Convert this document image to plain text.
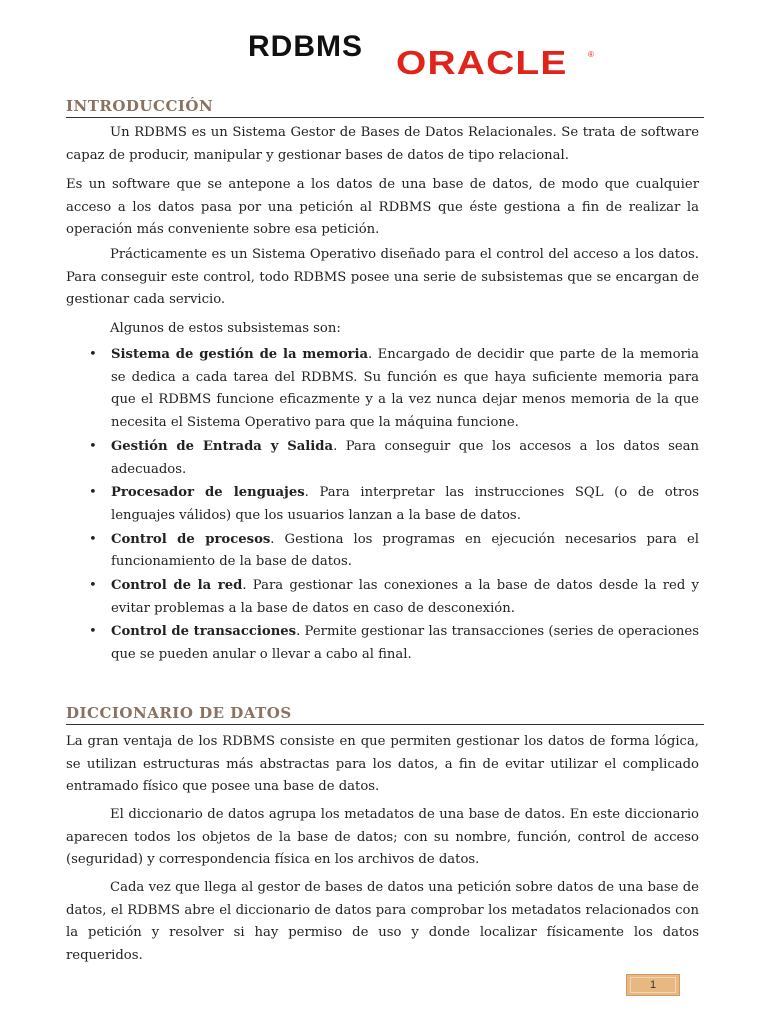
RDBMS ORACLE	®
INTRODUCCIÓN

Un RDBMS es un Sistema Gestor de Bases de Datos Relacionales. Se trata de software capaz de producir, manipular y gestionar bases de datos de tipo relacional.

Es un software que se antepone a los datos de una base de datos, de modo que cualquier acceso a los datos pasa por una petición al RDBMS que éste gestiona a fin de realizar la operación más conveniente sobre esa petición.

Prácticamente es un Sistema Operativo diseñado para el control del acceso a los datos. Para conseguir este control, todo RDBMS posee una serie de subsistemas que se encargan de gestionar cada servicio.

Algunos de estos subsistemas son:

• Sistema de gestión de la memoria. Encargado de decidir que parte de la memoria se dedica a cada tarea del RDBMS. Su función es que haya suficiente memoria para que el RDBMS funcione eficazmente y a la vez nunca dejar menos memoria de la que necesita el Sistema Operativo para que la máquina funcione.
• Gestión de Entrada y Salida. Para conseguir que los accesos a los datos sean adecuados.
• Procesador de lenguajes. Para interpretar las instrucciones SQL (o de otros lenguajes válidos) que los usuarios lanzan a la base de datos.
• Control de procesos. Gestiona los programas en ejecución necesarios para el funcionamiento de la base de datos.
• Control de la red. Para gestionar las conexiones a la base de datos desde la red y evitar problemas a la base de datos en caso de desconexión.
• Control de transacciones. Permite gestionar las transacciones (series de operaciones que se pueden anular o llevar a cabo al final.
DICCIONARIO DE DATOS

La gran ventaja de los RDBMS consiste en que permiten gestionar los datos de forma lógica, se utilizan estructuras más abstractas para los datos, a fin de evitar utilizar el complicado entramado físico que posee una base de datos.

El diccionario de datos agrupa los metadatos de una base de datos. En este diccionario aparecen todos los objetos de la base de datos; con su nombre, función, control de acceso (seguridad) y correspondencia física en los archivos de datos.

Cada vez que llega al gestor de bases de datos una petición sobre datos de una base de datos, el RDBMS abre el diccionario de datos para comprobar los metadatos relacionados con la petición y resolver si hay permiso de uso y donde localizar físicamente los datos requeridos.

1
